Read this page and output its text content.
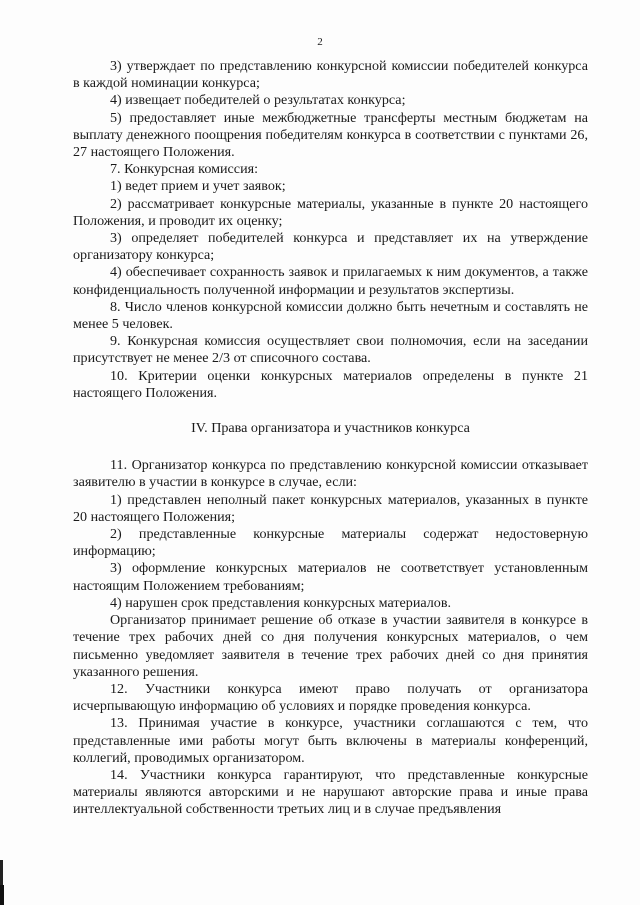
2

3) утверждает по представлению конкурсной комиссии победителей конкурса в каждой номинации конкурса;

4) извещает победителей о результатах конкурса;

5) предоставляет иные межбюджетные трансферты местным бюджетам на выплату денежного поощрения победителям конкурса в соответствии с пунктами 26, 27 настоящего Положения.

7. Конкурсная комиссия:

1) ведет прием и учет заявок;

2) рассматривает конкурсные материалы, указанные в пункте 20 настоящего Положения, и проводит их оценку;

3) определяет победителей конкурса и представляет их на утверждение организатору конкурса;

4) обеспечивает сохранность заявок и прилагаемых к ним документов, а также конфиденциальность полученной информации и результатов экспертизы.

8. Число членов конкурсной комиссии должно быть нечетным и составлять не менее 5 человек.

9. Конкурсная комиссия осуществляет свои полномочия, если на заседании присутствует не менее 2/3 от списочного состава.

10. Критерии оценки конкурсных материалов определены в пункте 21 настоящего Положения.

IV. Права организатора и участников конкурса

11. Организатор конкурса по представлению конкурсной комиссии отказывает заявителю в участии в конкурсе в случае, если:

1) представлен неполный пакет конкурсных материалов, указанных в пункте 20 настоящего Положения;

2) представленные конкурсные материалы содержат недостоверную информацию;

3) оформление конкурсных материалов не соответствует установленным настоящим Положением требованиям;

4) нарушен срок представления конкурсных материалов.

Организатор принимает решение об отказе в участии заявителя в конкурсе в течение трех рабочих дней со дня получения конкурсных материалов, о чем письменно уведомляет заявителя в течение трех рабочих дней со дня принятия указанного решения.

12. Участники конкурса имеют право получать от организатора исчерпывающую информацию об условиях и порядке проведения конкурса.

13. Принимая участие в конкурсе, участники соглашаются с тем, что представленные ими работы могут быть включены в материалы конференций, коллегий, проводимых организатором.

14. Участники конкурса гарантируют, что представленные конкурсные материалы являются авторскими и не нарушают авторские права и иные права интеллектуальной собственности третьих лиц и в случае предъявления
